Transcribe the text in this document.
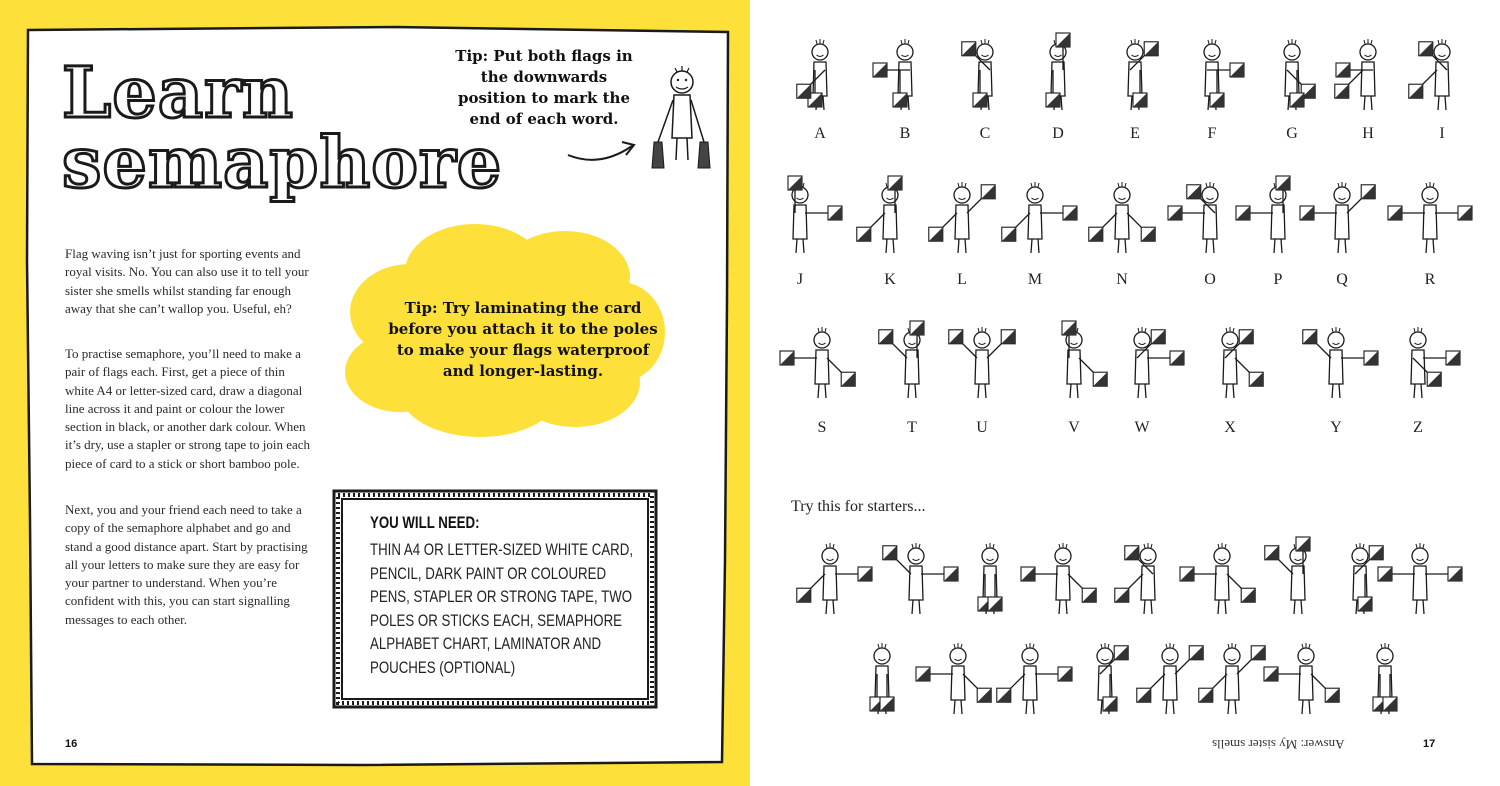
Learn
semaphore
Tip: Put both flags in the downwards position to mark the end of each word.
Tip: Try laminating the card before you attach it to the poles to make your flags waterproof and longer-lasting.

Flag waving isn’t just for sporting events and royal visits. No. You can also use it to tell your sister she smells whilst standing far enough away that she can’t wallop you. Useful, eh?

To practise semaphore, you’ll need to make a pair of flags each. First, get a piece of thin white A4 or letter-sized card, draw a diagonal line across it and paint or colour the lower section in black, or another dark colour. When it’s dry, use a stapler or strong tape to join each piece of card to a stick or short bamboo pole.

Next, you and your friend each need to take a copy of the semaphore alphabet and go and stand a good distance apart. Start by practising all your letters to make sure they are easy for your partner to understand. When you’re confident with this, you can start signalling messages to each other.

YOU WILL NEED:
THIN A4 OR LETTER-SIZED WHITE CARD, PENCIL, DARK PAINT OR COLOURED PENS, STAPLER OR STRONG TAPE, TWO POLES OR STICKS EACH, SEMAPHORE ALPHABET CHART, LAMINATOR AND POUCHES (OPTIONAL)
16
A	B	C	D	E	F	G	H	I
J	K	L	M	N	O	P	Q	R
S	T	U	V	W	X	Y	Z
Try this for starters...
Answer: My sister smells	17
